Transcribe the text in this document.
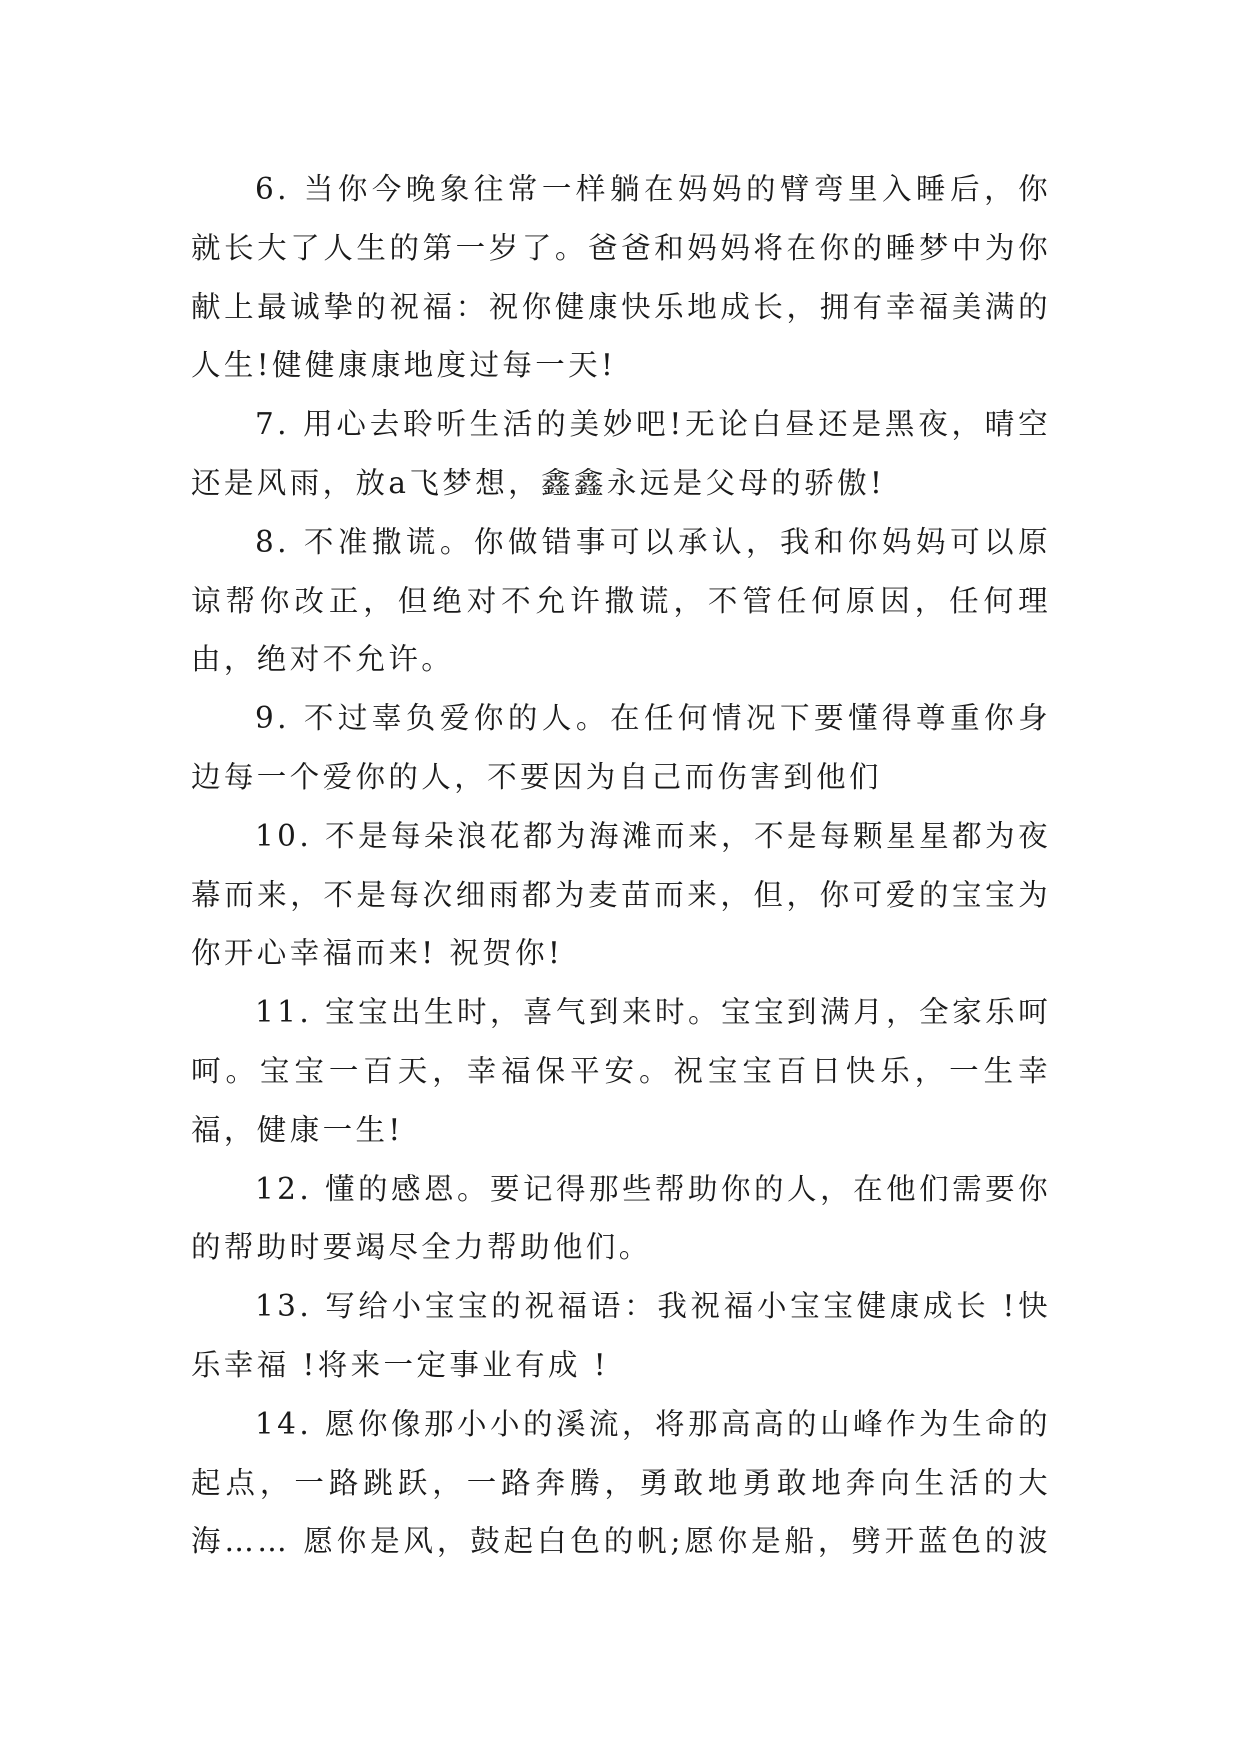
6. 当你今晚象往常一样躺在妈妈的臂弯里入睡后，你就长大了人生的第一岁了。爸爸和妈妈将在你的睡梦中为你献上最诚挚的祝福：祝你健康快乐地成长，拥有幸福美满的人生!健健康康地度过每一天!

7. 用心去聆听生活的美妙吧!无论白昼还是黑夜，晴空还是风雨，放a飞梦想，鑫鑫永远是父母的骄傲!

8. 不准撒谎。你做错事可以承认，我和你妈妈可以原谅帮你改正，但绝对不允许撒谎，不管任何原因，任何理由，绝对不允许。

9. 不过辜负爱你的人。在任何情况下要懂得尊重你身边每一个爱你的人，不要因为自己而伤害到他们

10. 不是每朵浪花都为海滩而来，不是每颗星星都为夜幕而来，不是每次细雨都为麦苗而来，但，你可爱的宝宝为你开心幸福而来! 祝贺你!

11. 宝宝出生时，喜气到来时。宝宝到满月，全家乐呵呵。宝宝一百天，幸福保平安。祝宝宝百日快乐，一生幸福，健康一生!

12. 懂的感恩。要记得那些帮助你的人，在他们需要你的帮助时要竭尽全力帮助他们。

13. 写给小宝宝的祝福语：我祝福小宝宝健康成长 !快乐幸福 !将来一定事业有成 !

14. 愿你像那小小的溪流，将那高高的山峰作为生命的起点，一路跳跃，一路奔腾，勇敢地勇敢地奔向生活的大海…… 愿你是风，鼓起白色的帆;愿你是船，劈开蓝色的波
